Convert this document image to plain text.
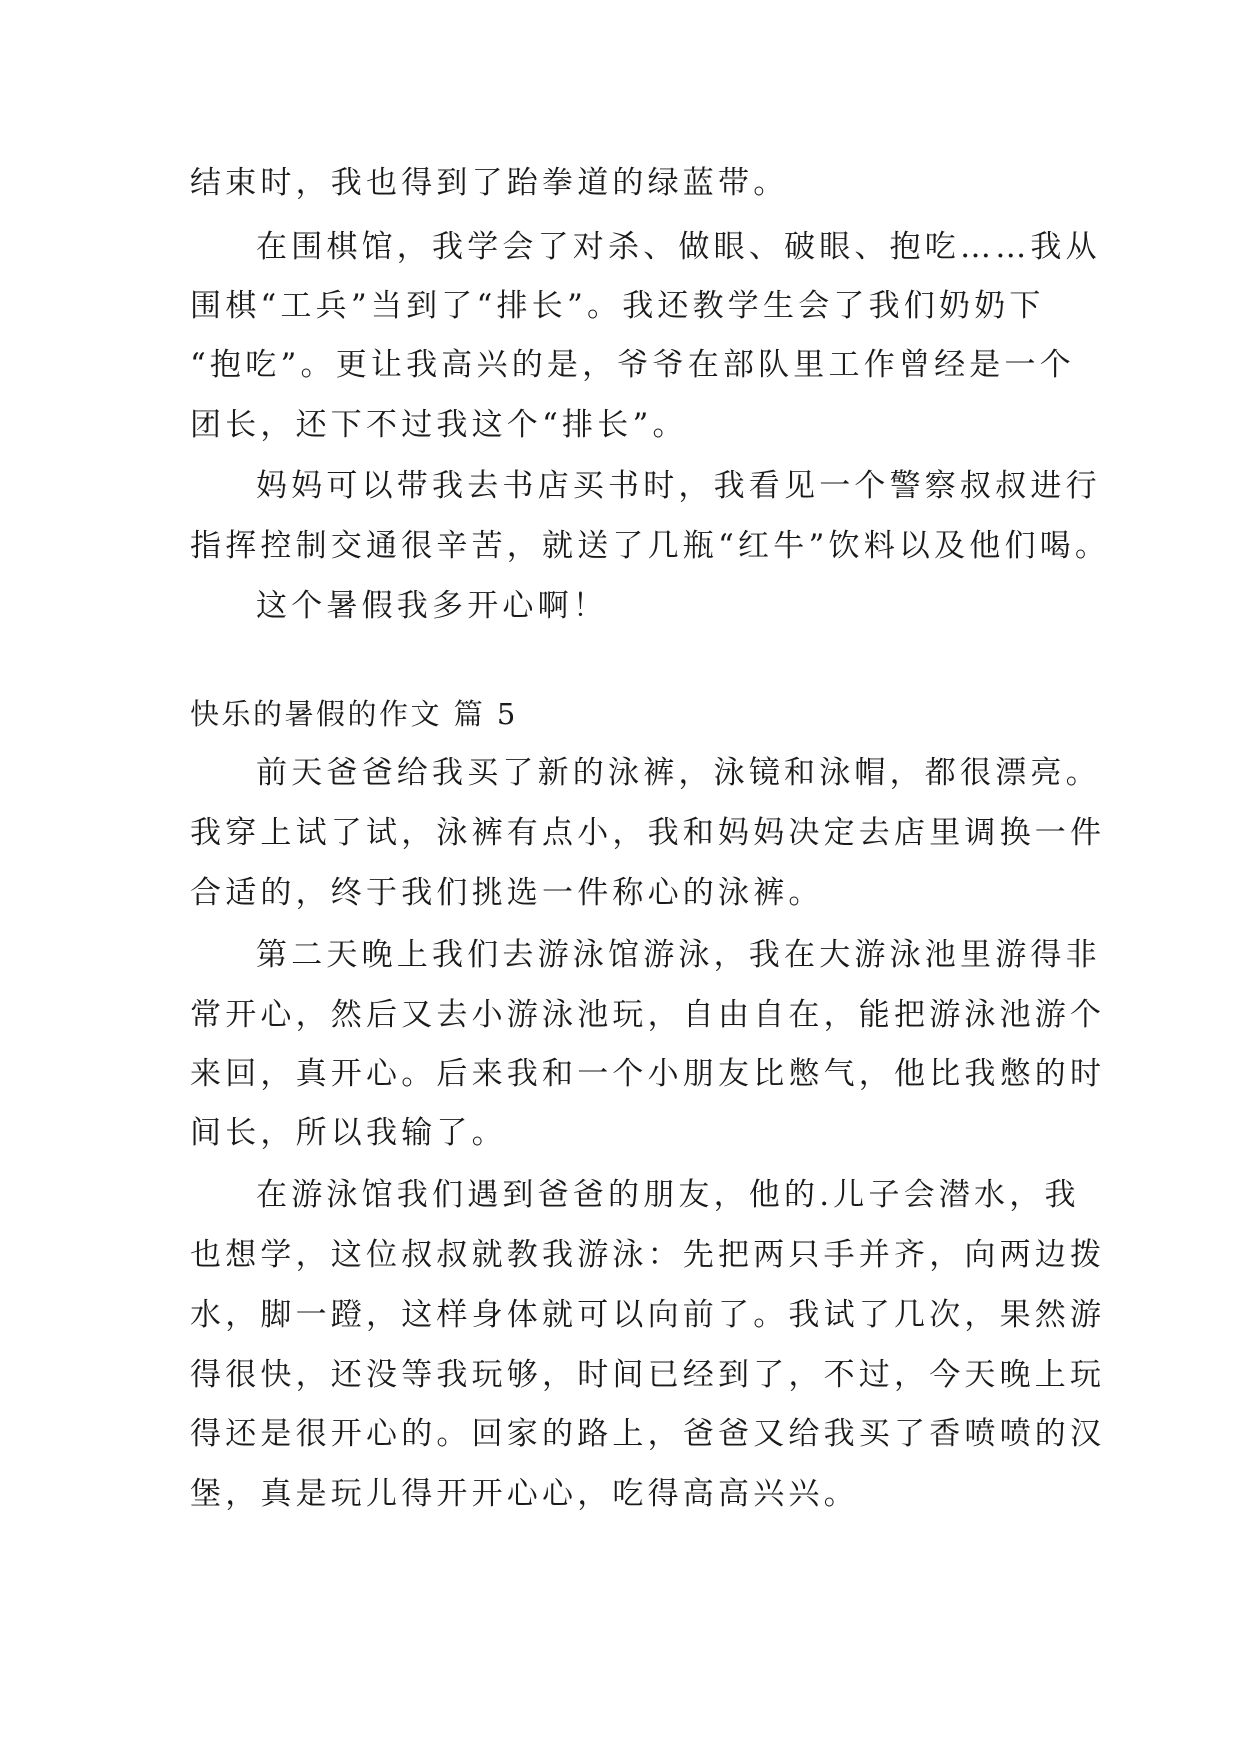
结束时，我也得到了跆拳道的绿蓝带。
在围棋馆，我学会了对杀、做眼、破眼、抱吃……我从
围棋“工兵”当到了“排长”。我还教学生会了我们奶奶下
“抱吃”。更让我高兴的是，爷爷在部队里工作曾经是一个
团长，还下不过我这个“排长”。
妈妈可以带我去书店买书时，我看见一个警察叔叔进行
指挥控制交通很辛苦，就送了几瓶“红牛”饮料以及他们喝。
这个暑假我多开心啊！
快乐的暑假的作文 篇 5
前天爸爸给我买了新的泳裤，泳镜和泳帽，都很漂亮。
我穿上试了试，泳裤有点小，我和妈妈决定去店里调换一件
合适的，终于我们挑选一件称心的泳裤。
第二天晚上我们去游泳馆游泳，我在大游泳池里游得非
常开心，然后又去小游泳池玩，自由自在，能把游泳池游个
来回，真开心。后来我和一个小朋友比憋气，他比我憋的时
间长，所以我输了。
在游泳馆我们遇到爸爸的朋友，他的.儿子会潜水，我
也想学，这位叔叔就教我游泳：先把两只手并齐，向两边拨
水，脚一蹬，这样身体就可以向前了。我试了几次，果然游
得很快，还没等我玩够，时间已经到了，不过，今天晚上玩
得还是很开心的。回家的路上，爸爸又给我买了香喷喷的汉
堡，真是玩儿得开开心心，吃得高高兴兴。
